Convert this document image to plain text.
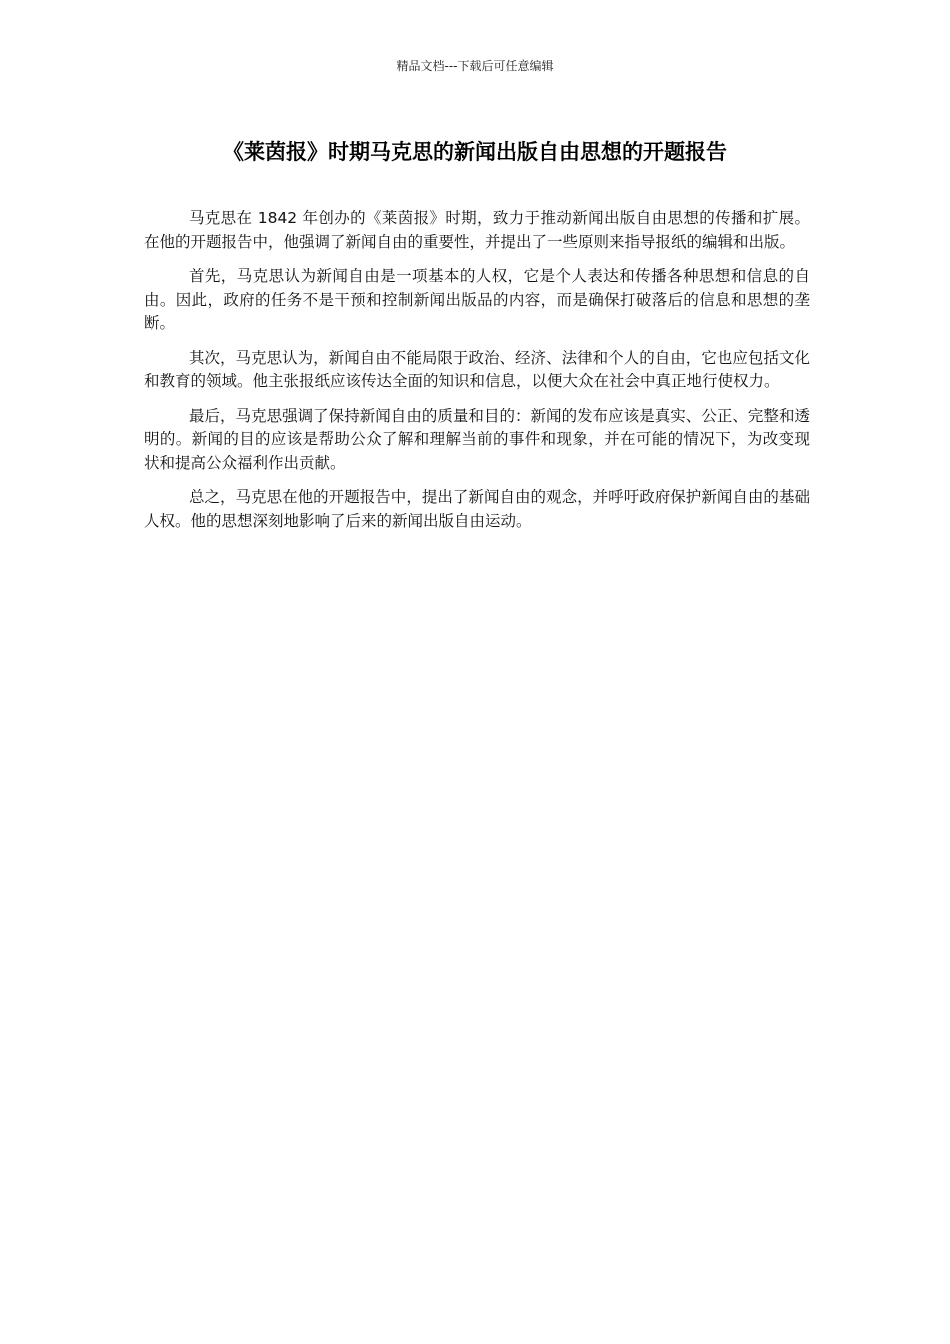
精品文档---下载后可任意编辑
《莱茵报》时期马克思的新闻出版自由思想的开题报告

马克思在 1842 年创办的《莱茵报》时期，致力于推动新闻出版自由思想的传播和扩展。在他的开题报告中，他强调了新闻自由的重要性，并提出了一些原则来指导报纸的编辑和出版。

首先，马克思认为新闻自由是一项基本的人权，它是个人表达和传播各种思想和信息的自由。因此，政府的任务不是干预和控制新闻出版品的内容，而是确保打破落后的信息和思想的垄断。

其次，马克思认为，新闻自由不能局限于政治、经济、法律和个人的自由，它也应包括文化和教育的领域。他主张报纸应该传达全面的知识和信息，以便大众在社会中真正地行使权力。

最后，马克思强调了保持新闻自由的质量和目的：新闻的发布应该是真实、公正、完整和透明的。新闻的目的应该是帮助公众了解和理解当前的事件和现象，并在可能的情况下，为改变现状和提高公众福利作出贡献。

总之，马克思在他的开题报告中，提出了新闻自由的观念，并呼吁政府保护新闻自由的基础人权。他的思想深刻地影响了后来的新闻出版自由运动。
